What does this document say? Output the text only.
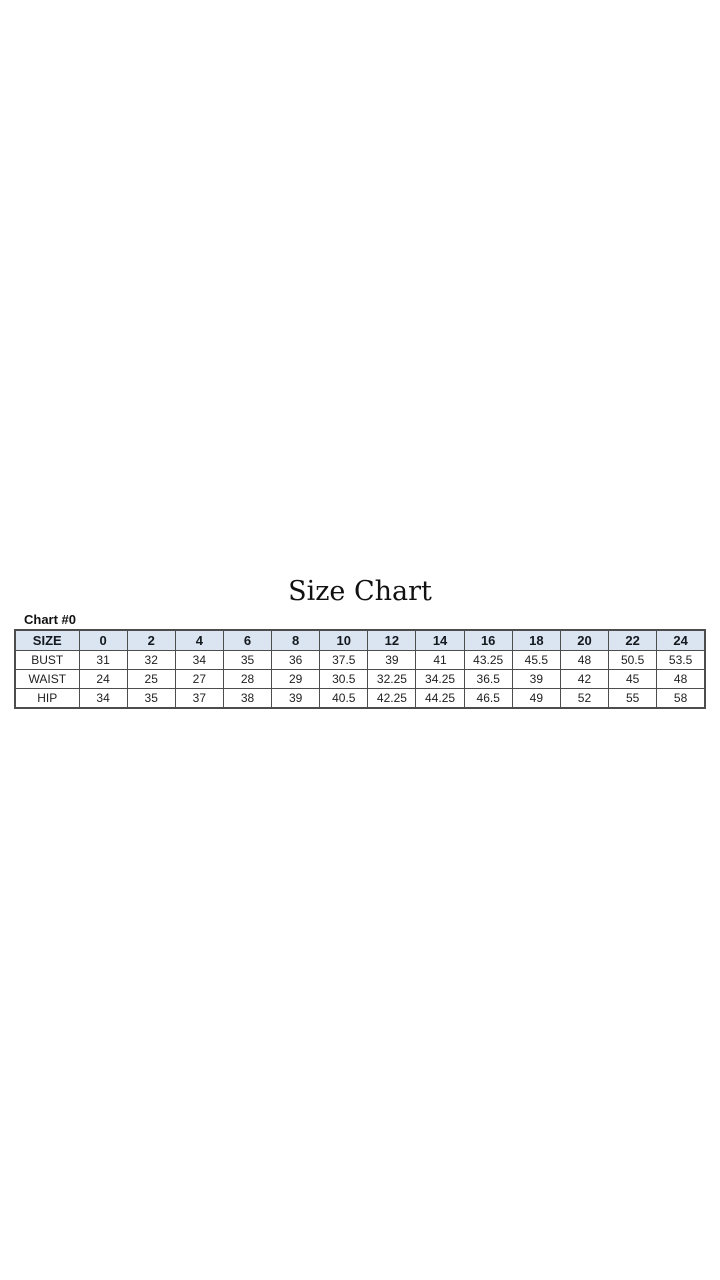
Size Chart
Chart #0
SIZE	0	2	4	6	8	10	12	14	16	18	20	22	24
BUST	31	32	34	35	36	37.5	39	41	43.25	45.5	48	50.5	53.5
WAIST	24	25	27	28	29	30.5	32.25	34.25	36.5	39	42	45	48
HIP	34	35	37	38	39	40.5	42.25	44.25	46.5	49	52	55	58
